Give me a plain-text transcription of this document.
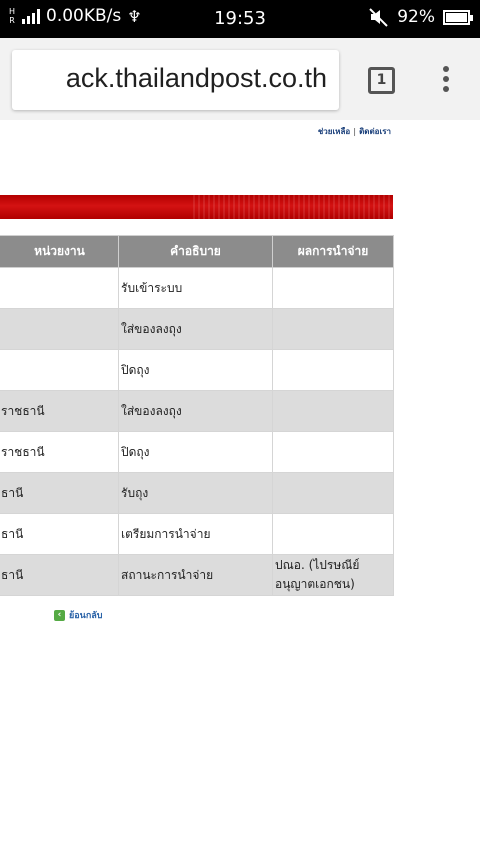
H
R 0.00KB/s ♆	19:53	92%
ack.thailandpost.co.th	1
ช่วยเหลือ | ติดต่อเรา
หน่วยงาน	คำอธิบาย	ผลการนำจ่าย
	รับเข้าระบบ	
	ใส่ของลงถุง	
	ปิดถุง	
ราชธานี	ใส่ของลงถุง	
ราชธานี	ปิดถุง	
ธานี	รับถุง	
ธานี	เตรียมการนำจ่าย	
ธานี	สถานะการนำจ่าย	ปณอ. (ไปรษณีย์อนุญาตเอกชน)
‹ ย้อนกลับ
